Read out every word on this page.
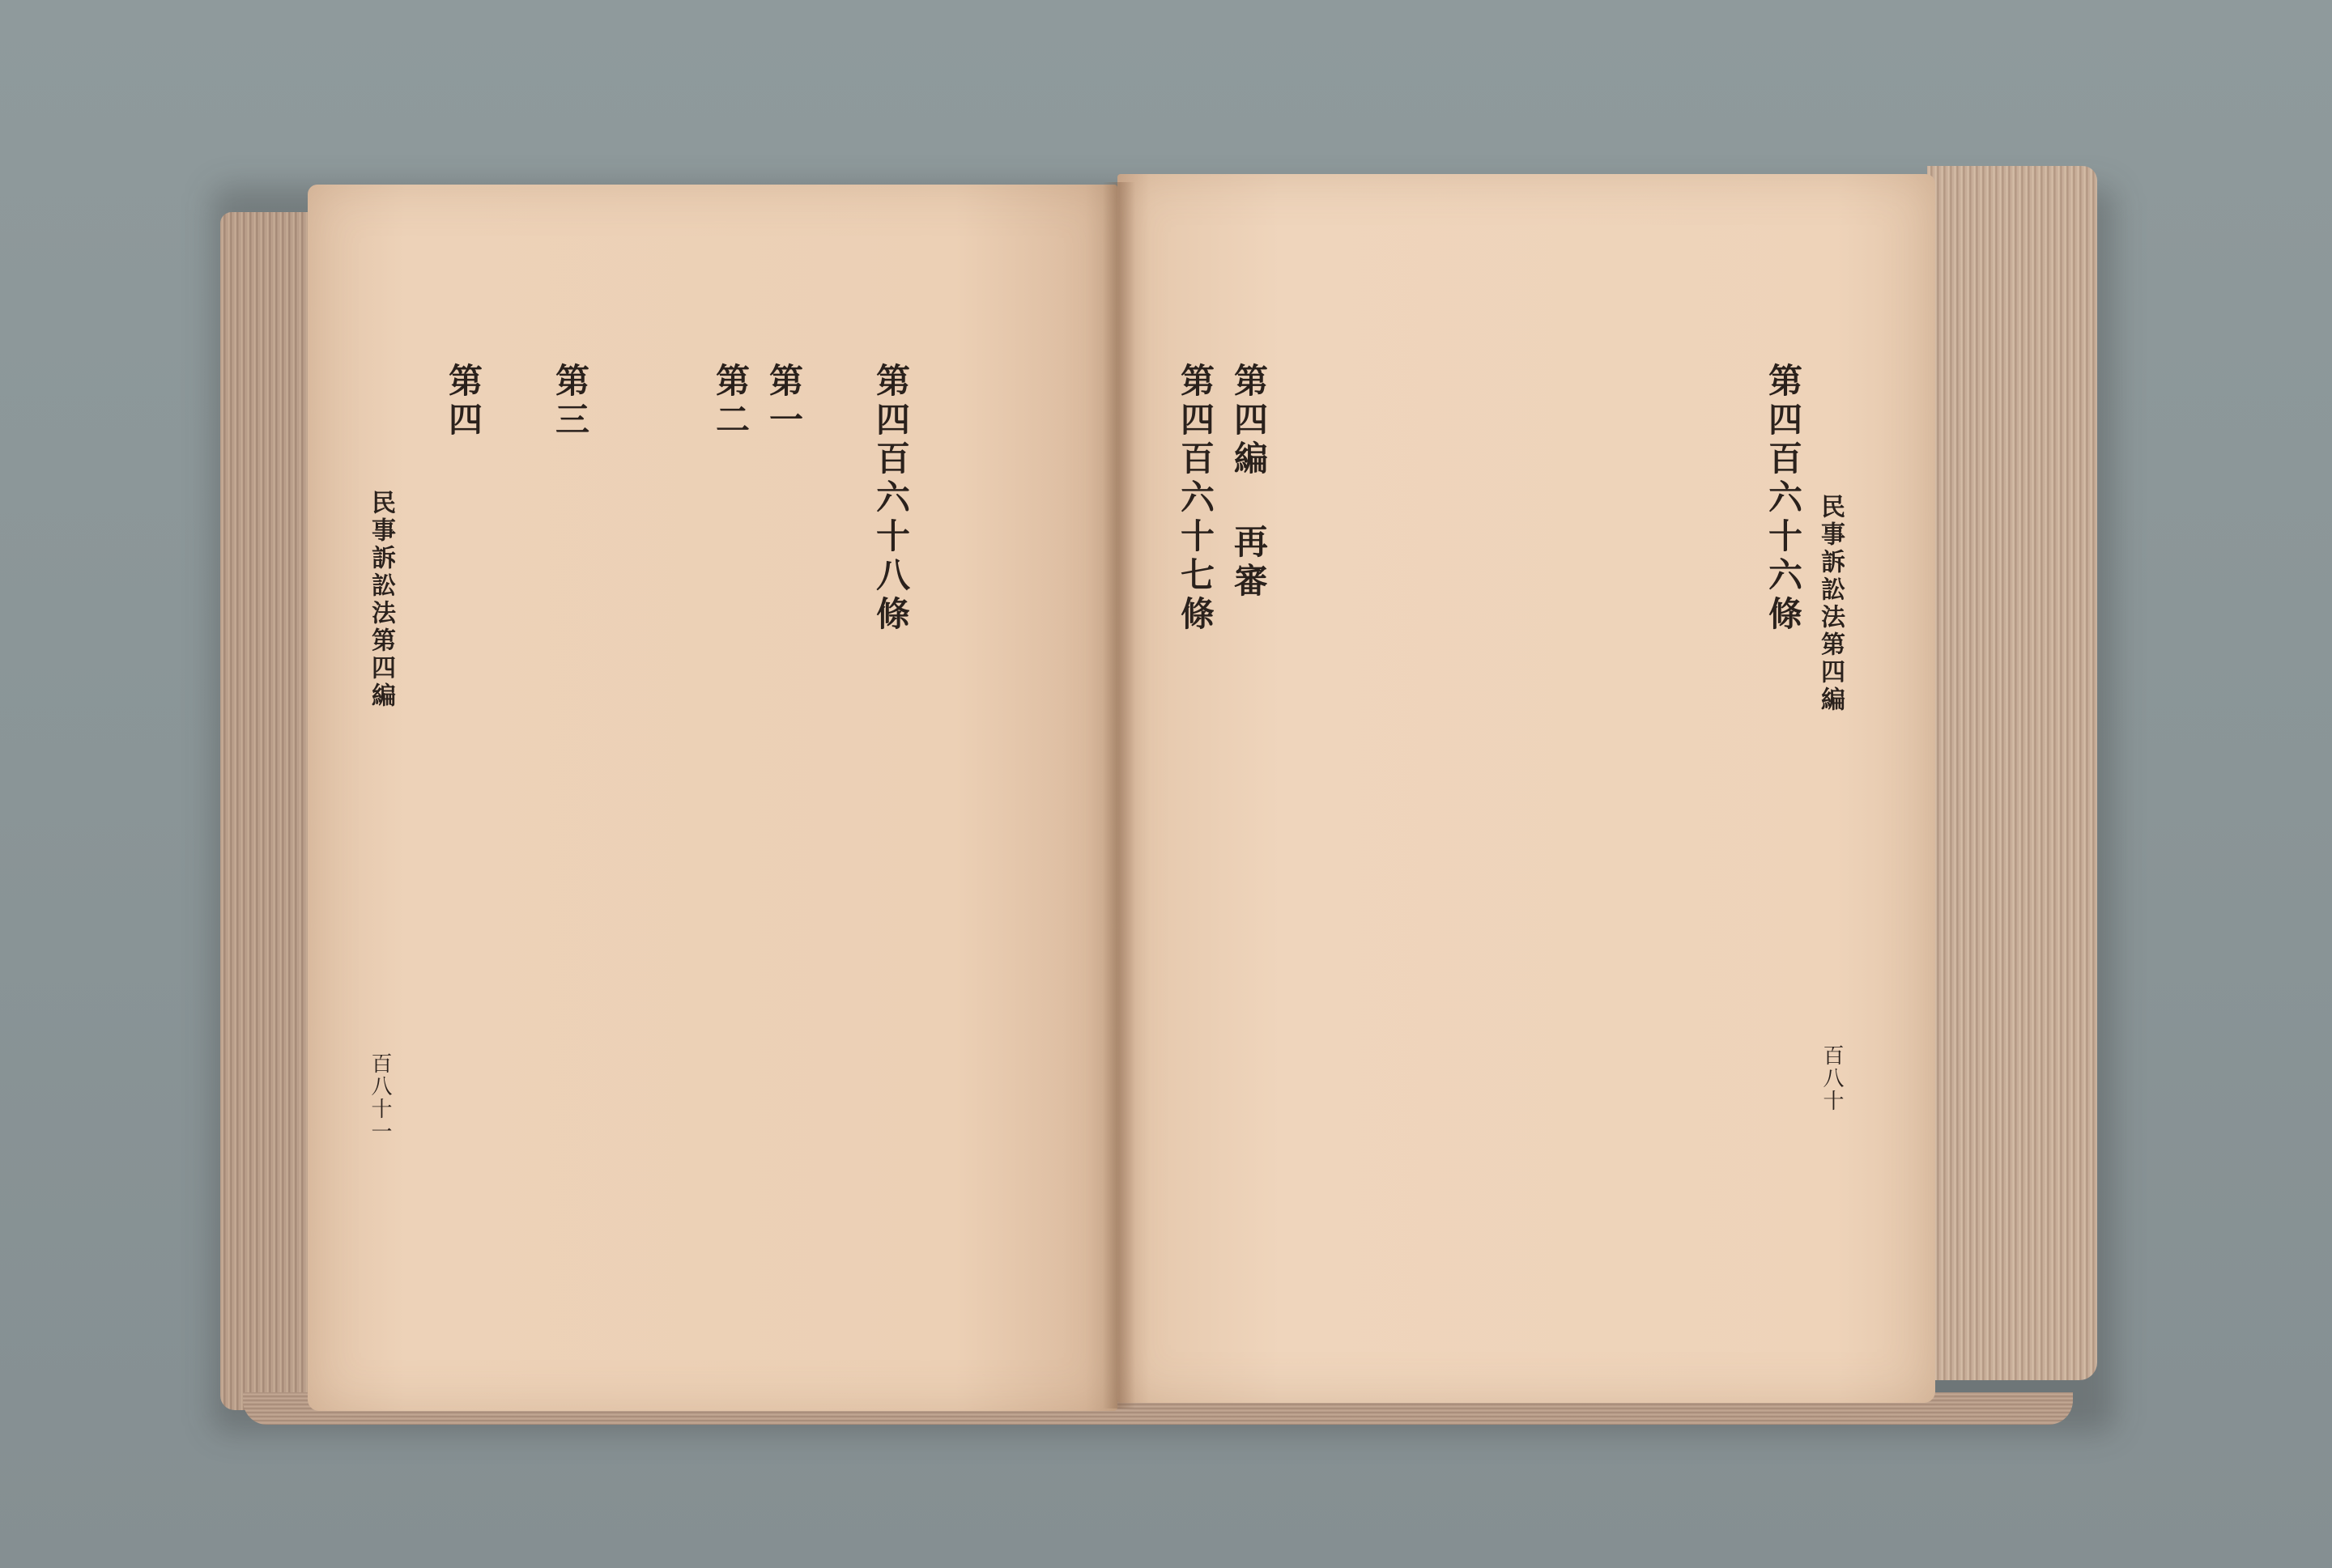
民事訴訟法第四編
百八十
第四百六十六條
第四編 再審
第四百六十七條
民事訴訟法第四編
百八十一
第四百六十八條
第一
第二
第三
第四
